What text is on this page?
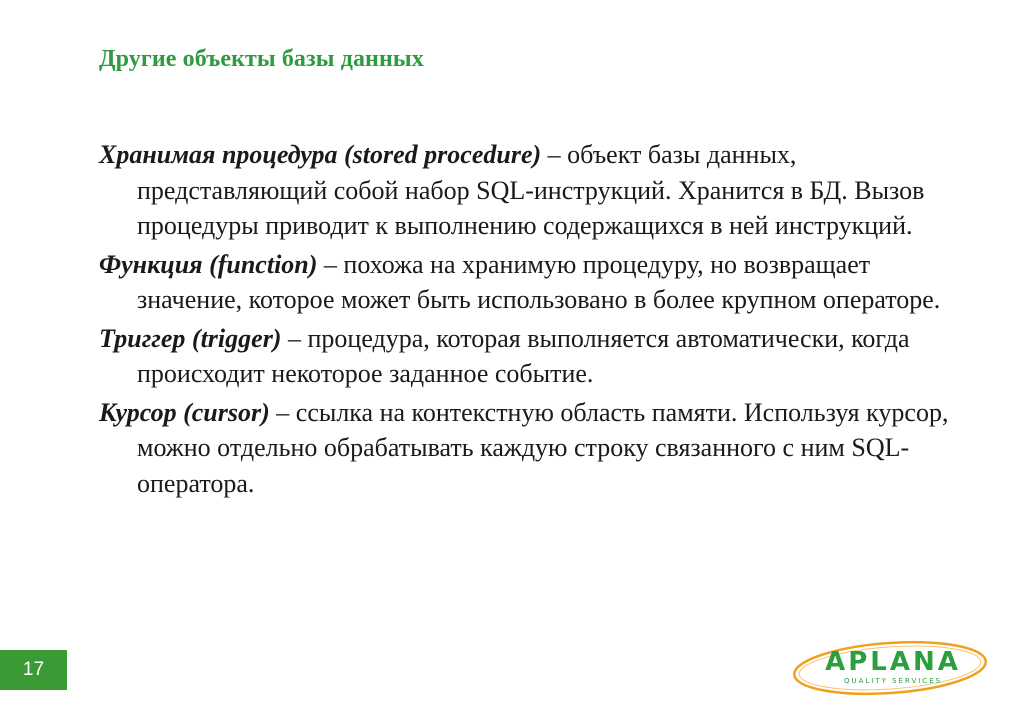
Другие объекты базы данных

Хранимая процедура (stored procedure) – объект базы данных, представляющий собой набор SQL-инструкций. Хранится в БД. Вызов процедуры приводит к выполнению содержащихся в ней инструкций.

Функция (function) – похожа на хранимую процедуру, но возвращает значение, которое может быть использовано в более крупном операторе.

Триггер (trigger) – процедура, которая выполняется автоматически, когда происходит некоторое заданное событие.

Курсор (cursor) – ссылка на контекстную область памяти. Используя курсор, можно отдельно обрабатывать каждую строку связанного с ним SQL-оператора.

17	APLANA
QUALITY SERVICES
